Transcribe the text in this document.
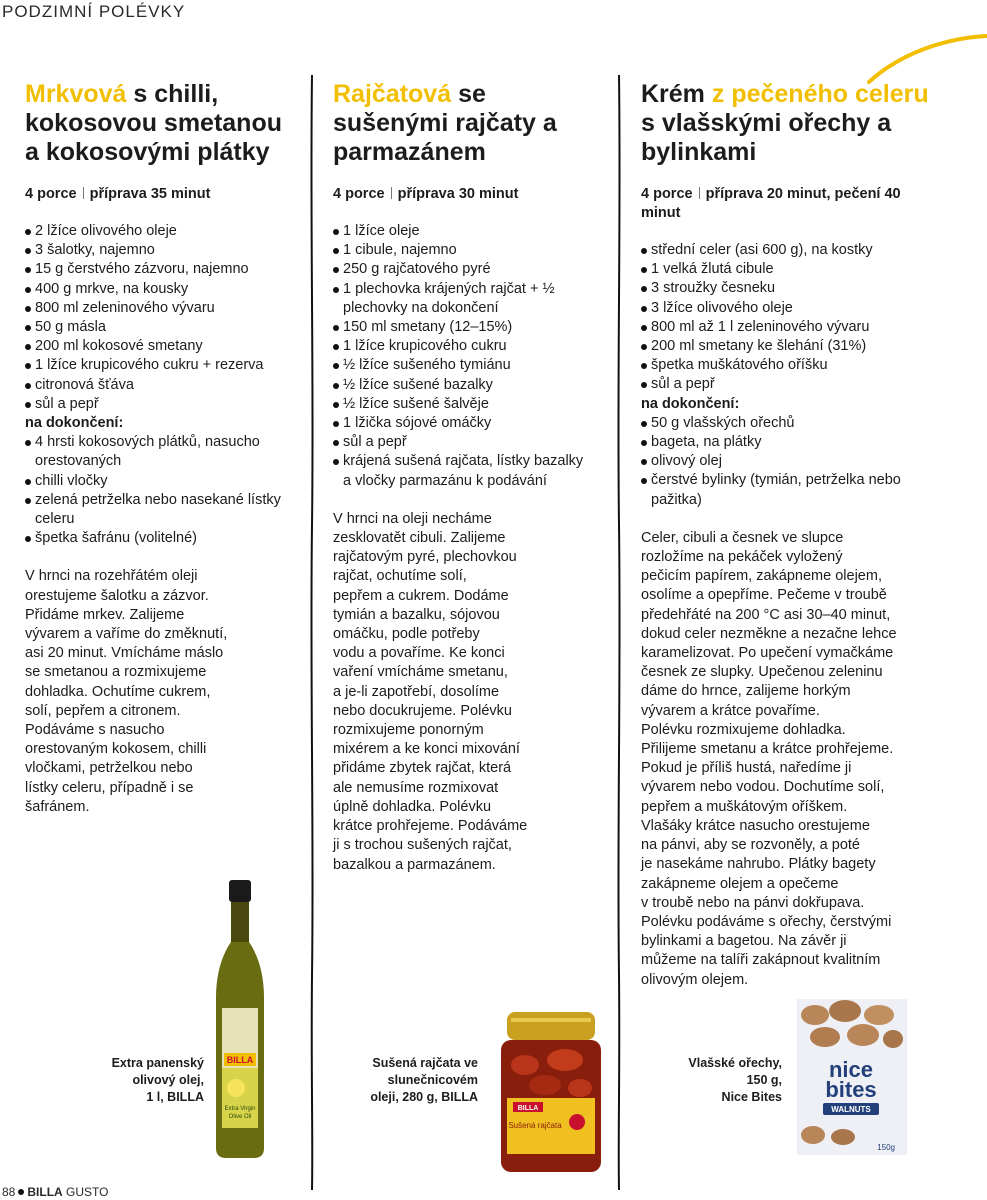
PODZIMNÍ POLÉVKY
Mrkvová s chilli, kokosovou smetanou a kokosovými plátky
4 porce příprava 35 minut
2 lžíce olivového oleje
3 šalotky, najemno
15 g čerstvého zázvoru, najemno
400 g mrkve, na kousky
800 ml zeleninového vývaru
50 g másla
200 ml kokosové smetany
1 lžíce krupicového cukru + rezerva
citronová šťáva
sůl a pepř
na dokončení:
4 hrsti kokosových plátků, nasucho orestovaných
chilli vločky
zelená petrželka nebo nasekané lístky celeru
špetka šafránu (volitelné)
V hrnci na rozehřátém oleji
orestujeme šalotku a zázvor.
Přidáme mrkev. Zalijeme
vývarem a vaříme do změknutí,
asi 20 minut. Vmícháme máslo
se smetanou a rozmixujeme
dohladka. Ochutíme cukrem,
solí, pepřem a citronem.
Podáváme s nasucho
orestovaným kokosem, chilli
vločkami, petrželkou nebo
lístky celeru, případně i se
šafránem.
Rajčatová se sušenými rajčaty a parmazánem
4 porce příprava 30 minut
1 lžíce oleje
1 cibule, najemno
250 g rajčatového pyré
1 plechovka krájených rajčat + ½ plechovky na dokončení
150 ml smetany (12–15%)
1 lžíce krupicového cukru
½ lžíce sušeného tymiánu
½ lžíce sušené bazalky
½ lžíce sušené šalvěje
1 lžička sójové omáčky
sůl a pepř
krájená sušená rajčata, lístky bazalky a vločky parmazánu k podávání
V hrnci na oleji necháme
zesklovatět cibuli. Zalijeme
rajčatovým pyré, plechovkou
rajčat, ochutíme solí,
pepřem a cukrem. Dodáme
tymián a bazalku, sójovou
omáčku, podle potřeby
vodu a povaříme. Ke konci
vaření vmícháme smetanu,
a je-li zapotřebí, dosolíme
nebo docukrujeme. Polévku
rozmixujeme ponorným
mixérem a ke konci mixování
přidáme zbytek rajčat, která
ale nemusíme rozmixovat
úplně dohladka. Polévku
krátce prohřejeme. Podáváme
ji s trochou sušených rajčat,
bazalkou a parmazánem.
Krém z pečeného celeru s vlašskými ořechy a bylinkami
4 porce příprava 20 minut, pečení 40 minut
střední celer (asi 600 g), na kostky
1 velká žlutá cibule
3 stroužky česneku
3 lžíce olivového oleje
800 ml až 1 l zeleninového vývaru
200 ml smetany ke šlehání (31%)
špetka muškátového oříšku
sůl a pepř
na dokončení:
50 g vlašských ořechů
bageta, na plátky
olivový olej
čerstvé bylinky (tymián, petrželka nebo pažitka)
Celer, cibuli a česnek ve slupce
rozložíme na pekáček vyložený
pečicím papírem, zakápneme olejem,
osolíme a opepříme. Pečeme v troubě
předehřáté na 200 °C asi 30–40 minut,
dokud celer nezměkne a nezačne lehce
karamelizovat. Po upečení vymačkáme
česnek ze slupky. Upečenou zeleninu
dáme do hrnce, zalijeme horkým
vývarem a krátce povaříme.
Polévku rozmixujeme dohladka.
Přilijeme smetanu a krátce prohřejeme.
Pokud je příliš hustá, naředíme ji
vývarem nebo vodou. Dochutíme solí,
pepřem a muškátovým oříškem.
Vlašáky krátce nasucho orestujeme
na pánvi, aby se rozvoněly, a poté
je nasekáme nahrubo. Plátky bagety
zakápneme olejem a opečeme
v troubě nebo na pánvi dokřupava.
Polévku podáváme s ořechy, čerstvými
bylinkami a bagetou. Na závěr ji
můžeme na talíři zakápnout kvalitním
olivovým olejem.
Extra panenský
olivový olej,
1 l, BILLA
BILLA
Extra Virgin
Olive Oil
Sušená rajčata ve
slunečnicovém
oleji, 280 g, BILLA
BILLA
Sušená rajčata
Vlašské ořechy,
150 g,
Nice Bites
nice
bites
WALNUTS
150g
88 BILLA GUSTO
